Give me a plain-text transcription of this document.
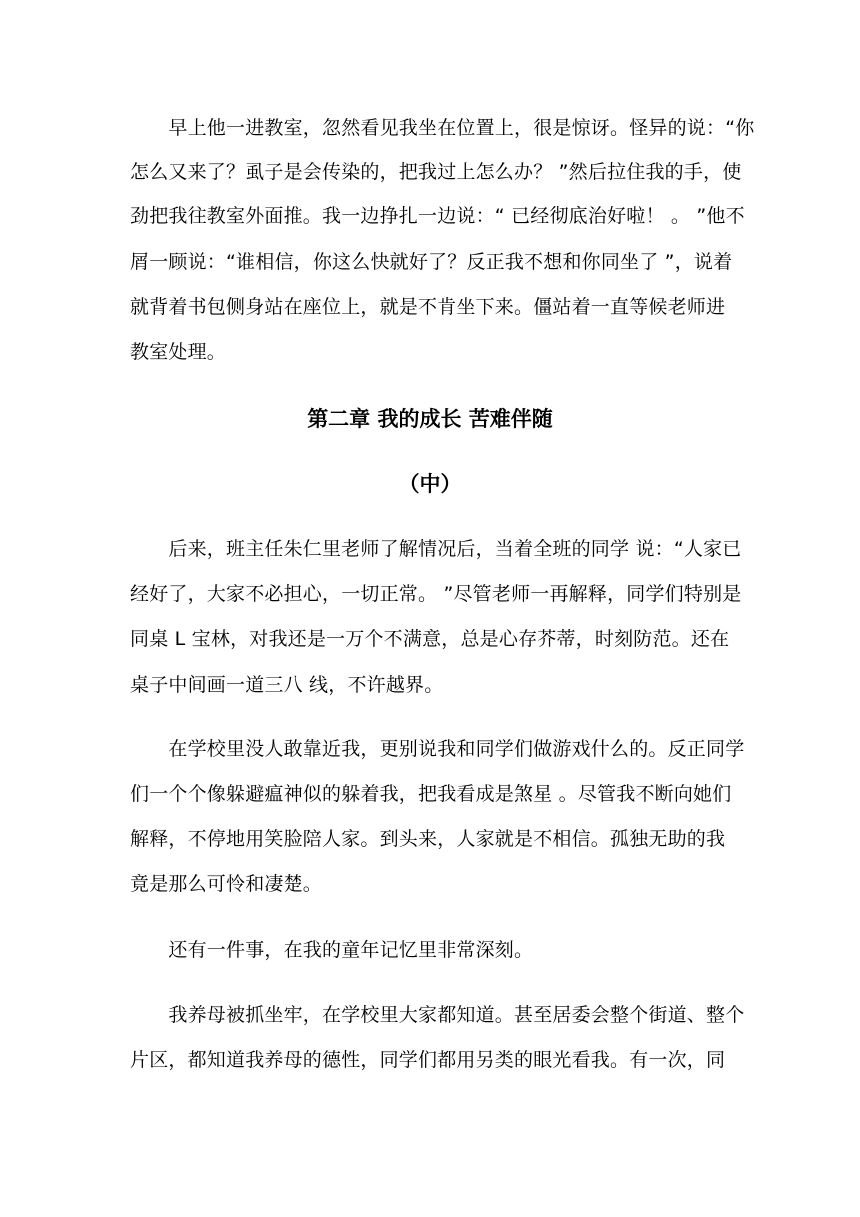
　　早上他一进教室，忽然看见我坐在位置上，很是惊讶。怪异的说：“你
怎么又来了？虱子是会传染的，把我过上怎么办？ ”然后拉住我的手，使
劲把我往教室外面推。我一边挣扎一边说：“ 已经彻底治好啦！ 。 ”他不
屑一顾说：“谁相信，你这么快就好了？反正我不想和你同坐了 ”，说着
就背着书包侧身站在座位上，就是不肯坐下来。僵站着一直等候老师进
教室处理。
第二章 我的成长 苦难伴随
（中）
　　后来，班主任朱仁里老师了解情况后，当着全班的同学 说：“人家已
经好了，大家不必担心，一切正常。 ”尽管老师一再解释，同学们特别是
同桌 L 宝林，对我还是一万个不满意，总是心存芥蒂，时刻防范。还在
桌子中间画一道三八 线，不许越界。
　　在学校里没人敢靠近我，更别说我和同学们做游戏什么的。反正同学
们一个个像躲避瘟神似的躲着我，把我看成是煞星 。尽管我不断向她们
解释，不停地用笑脸陪人家。到头来，人家就是不相信。孤独无助的我
竟是那么可怜和凄楚。
　　还有一件事，在我的童年记忆里非常深刻。
　　我养母被抓坐牢，在学校里大家都知道。甚至居委会整个街道、整个
片区，都知道我养母的德性，同学们都用另类的眼光看我。有一次，同
